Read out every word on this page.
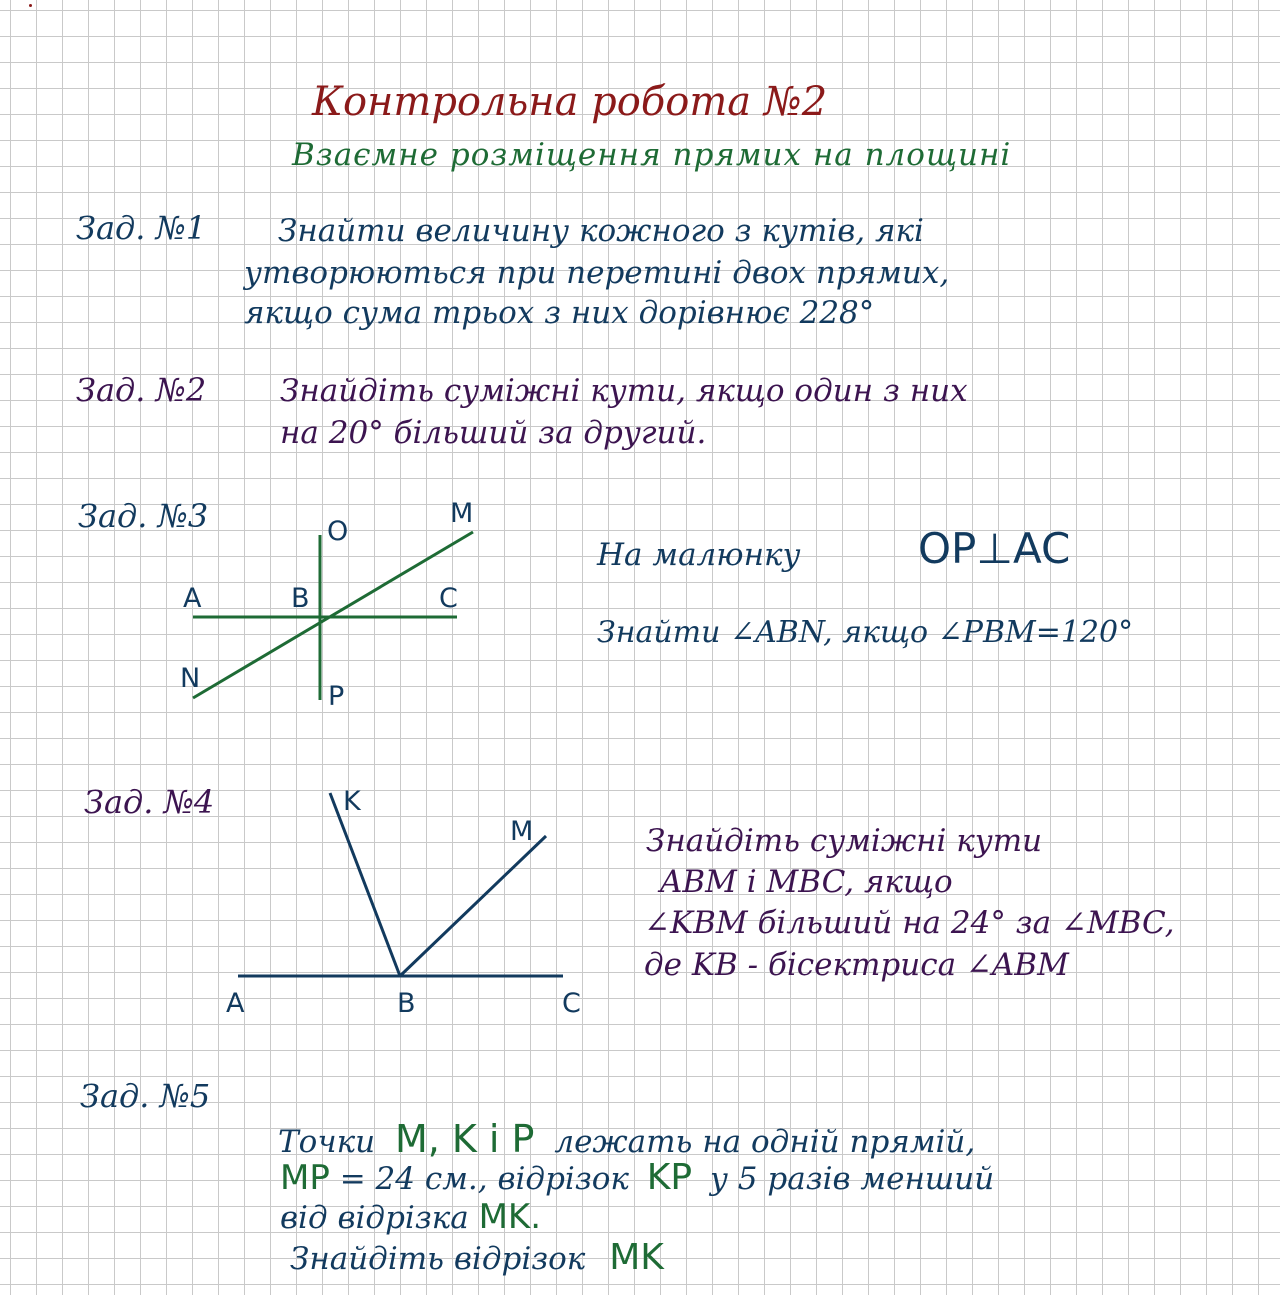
Контрольна робота №2
Взаємне розміщення прямих на площині
Зад. №1 Знайти величину кожного з кутів, які
утворюються при перетині двох прямих,
якщо сума трьох з них дорівнює 228°
Зад. №2 Знайдіть суміжні кути, якщо один з них
на 20° більший за другий.
Зад. №3	O
M
A	B	C
N
P
На малюнку	OP⊥AC
Знайти ∠ABN, якщо ∠PBM=120°
Зад. №4	K
M
A	B	C
Знайдіть суміжні кути
ABM і MBC, якщо
∠KBM більший на 24° за ∠MBC,
де KB - бісектриса ∠ABM
Зад. №5
Точки M, K і P лежать на одній прямій,
MP = 24 см., відрізок KP у 5 разів менший
від відрізка MK.
Знайдіть відрізок MK
